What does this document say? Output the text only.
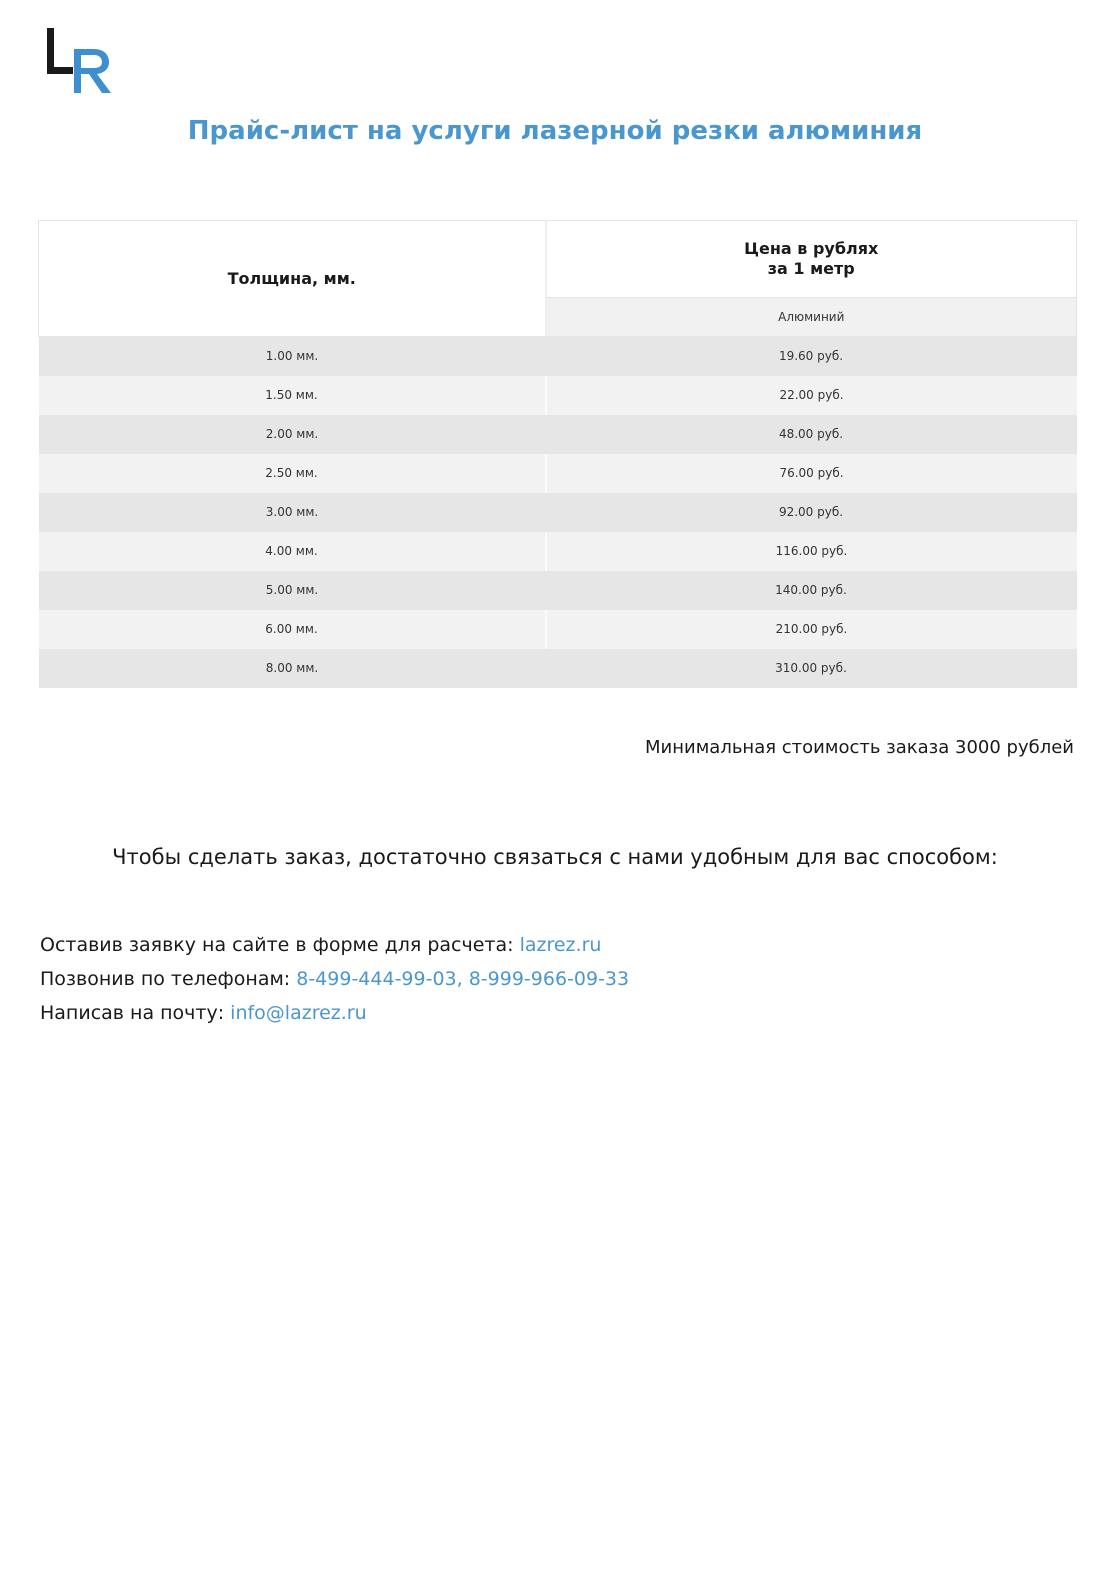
Прайс-лист на услуги лазерной резки алюминия
Толщина, мм.	Цена в рублях
за 1 метр
	Алюминий
1.00 мм.	19.60 руб.
1.50 мм.	22.00 руб.
2.00 мм.	48.00 руб.
2.50 мм.	76.00 руб.
3.00 мм.	92.00 руб.
4.00 мм.	116.00 руб.
5.00 мм.	140.00 руб.
6.00 мм.	210.00 руб.
8.00 мм.	310.00 руб.
Минимальная стоимость заказа 3000 рублей
Чтобы сделать заказ, достаточно связаться с нами удобным для вас способом:
Оставив заявку на сайте в форме для расчета: lazrez.ru
Позвонив по телефонам: 8-499-444-99-03, 8-999-966-09-33
Написав на почту: info@lazrez.ru
